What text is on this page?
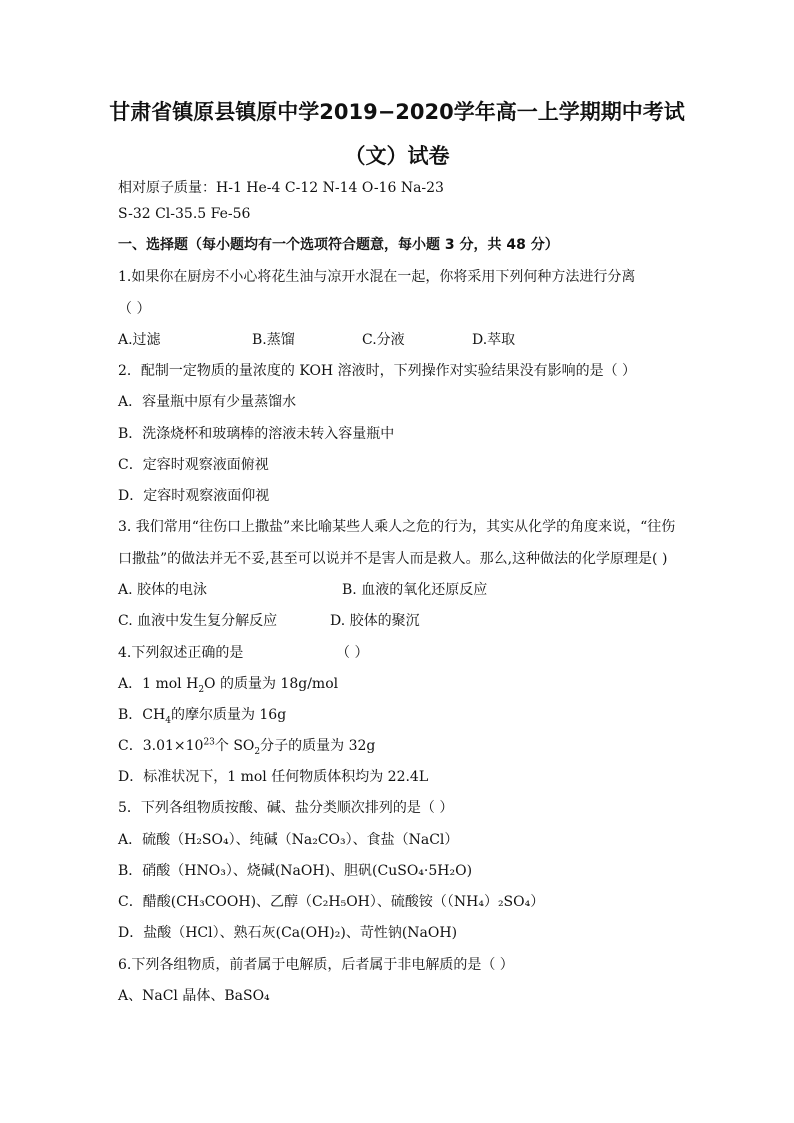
甘肃省镇原县镇原中学2019−2020学年高一上学期期中考试
（文）试卷
相对原子质量：H-1 He-4 C-12 N-14 O-16 Na-23
S-32 Cl-35.5 Fe-56
一、选择题（每小题均有一个选项符合题意，每小题 3 分，共 48 分）
1.如果你在厨房不小心将花生油与凉开水混在一起，你将采用下列何种方法进行分离
（ ）
A.过滤	B.蒸馏	C.分液	D.萃取
2．配制一定物质的量浓度的 KOH 溶液时，下列操作对实验结果没有影响的是（ ）
A．容量瓶中原有少量蒸馏水
B．洗涤烧杯和玻璃棒的溶液未转入容量瓶中
C．定容时观察液面俯视
D．定容时观察液面仰视
3. 我们常用“往伤口上撒盐”来比喻某些人乘人之危的行为，其实从化学的角度来说，“往伤
口撒盐”的做法并无不妥,甚至可以说并不是害人而是救人。那么,这种做法的化学原理是( )
A. 胶体的电泳	B. 血液的氧化还原反应
C. 血液中发生复分解反应	D. 胶体的聚沉
4.下列叙述正确的是	（ ）
A．1 mol $H_2O$ 的质量为 18g/mol
B．$CH_4$的摩尔质量为 16g
C．$3.01\times 10^{23}$个 $SO_2$分子的质量为 32g
D．标准状况下，1 mol 任何物质体积均为 22.4L
5．下列各组物质按酸、碱、盐分类顺次排列的是（ ）
A．硫酸（H₂SO₄）、纯碱（Na₂CO₃）、食盐（NaCl）
B．硝酸（HNO₃）、烧碱(NaOH)、胆矾(CuSO₄·5H₂O)
C．醋酸(CH₃COOH)、乙醇（C₂H₅OH）、硫酸铵（（NH₄）₂SO₄）
D．盐酸（HCl）、熟石灰(Ca(OH)₂)、苛性钠(NaOH)
6.下列各组物质，前者属于电解质，后者属于非电解质的是（ ）
A、NaCl 晶体、BaSO₄
